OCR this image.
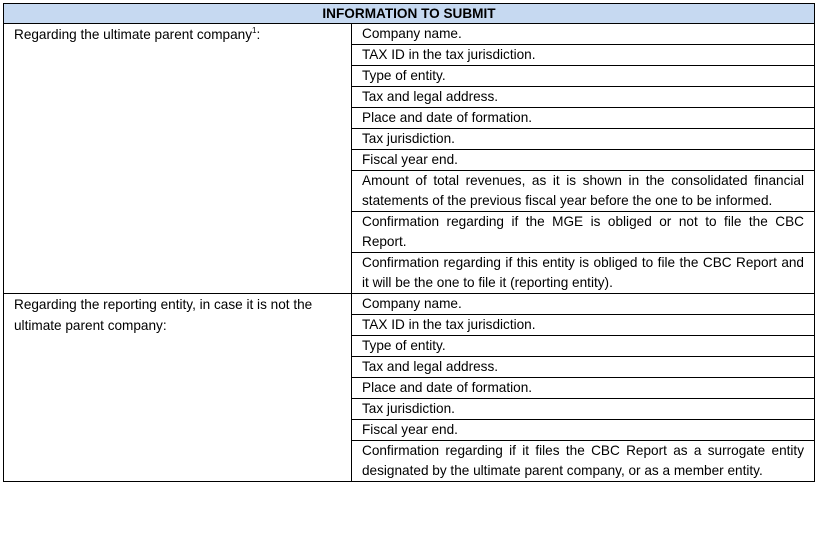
INFORMATION TO SUBMIT	
Regarding the ultimate parent company$^1$:	Company name.
	TAX ID in the tax jurisdiction.
	Type of entity.
	Tax and legal address.
	Place and date of formation.
	Tax jurisdiction.
	Fiscal year end.
	Amount of total revenues, as it is shown in the consolidated financial statements of the previous fiscal year before the one to be informed.
	Confirmation regarding if the MGE is obliged or not to file the CBC Report.
	Confirmation regarding if this entity is obliged to file the CBC Report and it will be the one to file it (reporting entity).
Regarding the reporting entity, in case it is not the ultimate parent company:	Company name.
	TAX ID in the tax jurisdiction.
	Type of entity.
	Tax and legal address.
	Place and date of formation.
	Tax jurisdiction.
	Fiscal year end.
	Confirmation regarding if it files the CBC Report as a surrogate entity designated by the ultimate parent company, or as a member entity.
